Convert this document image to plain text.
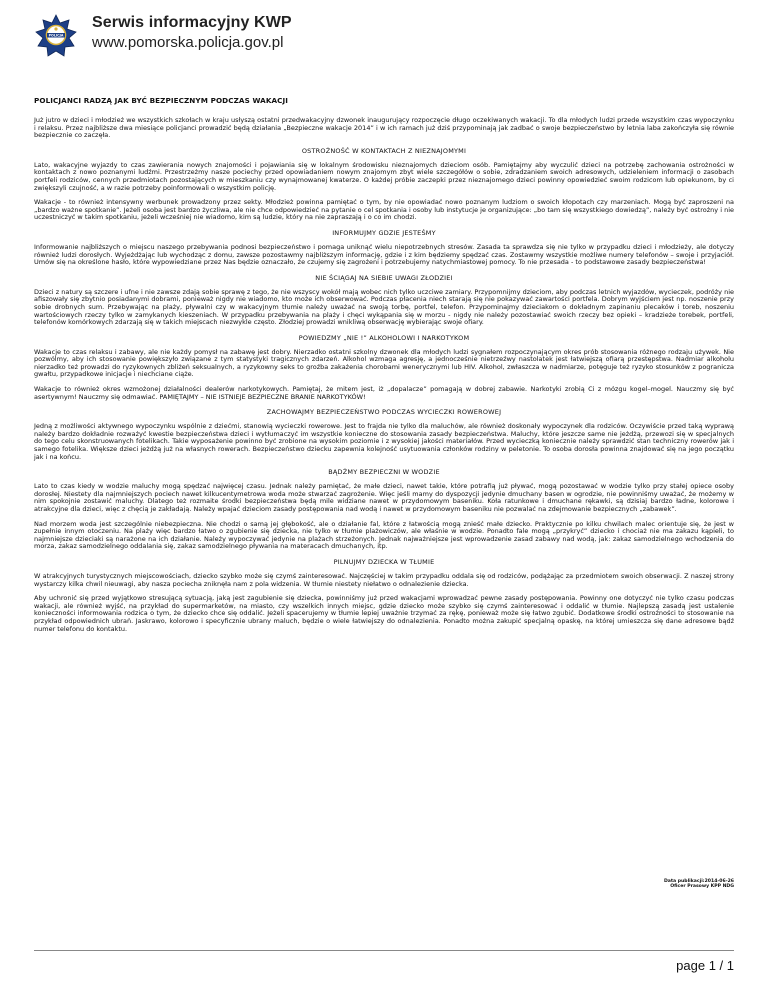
POLICJA
Serwis informacyjny KWP
www.pomorska.policja.gov.pl
POLICJANCI RADZĄ JAK BYĆ BEZPIECZNYM PODCZAS WAKACJI

Już jutro w dzieci i młodzież we wszystkich szkołach w kraju usłyszą ostatni przedwakacyjny dzwonek inaugurujący rozpoczęcie długo oczekiwanych wakacji. To dla młodych ludzi przede wszystkim czas wypoczynku i relaksu. Przez najbliższe dwa miesiące policjanci prowadzić będą działania „Bezpieczne wakacje 2014” i w ich ramach już dziś przypominają jak zadbać o swoje bezpieczeństwo by letnia laba zakończyła się równie bezpiecznie co zaczęła.

OSTROŻNOŚĆ W KONTAKTACH Z NIEZNAJOMYMI

Lato, wakacyjne wyjazdy to czas zawierania nowych znajomości i pojawiania się w lokalnym środowisku nieznajomych dzieciom osób. Pamiętajmy aby wyczulić dzieci na potrzebę zachowania ostrożności w kontaktach z nowo poznanymi ludźmi. Przestrzeżmy nasze pociechy przed opowiadaniem nowym znajomym zbyt wiele szczegółów o sobie, zdradzaniem swoich adresowych, udzieleniem informacji o zasobach portfeli rodziców, cennych przedmiotach pozostających w mieszkaniu czy wynajmowanej kwaterze. O każdej próbie zaczepki przez nieznajomego dzieci powinny opowiedzieć swoim rodzicom lub opiekunom, by ci zwiększyli czujność, a w razie potrzeby poinformowali o wszystkim policję.

Wakacje - to również intensywny werbunek prowadzony przez sekty. Młodzież powinna pamiętać o tym, by nie opowiadać nowo poznanym ludziom o swoich kłopotach czy marzeniach. Mogą być zaproszeni na „bardzo ważne spotkanie”. Jeżeli osoba jest bardzo życzliwa, ale nie chce odpowiedzieć na pytanie o cel spotkania i osoby lub instytucje je organizujące: „bo tam się wszystkiego dowiedzą”, należy być ostrożny i nie uczestniczyć w takim spotkaniu, jeżeli wcześniej nie wiadomo, kim są ludzie, który na nie zapraszają i o co im chodzi.

INFORMUJMY GDZIE JESTEŚMY

Informowanie najbliższych o miejscu naszego przebywania podnosi bezpieczeństwo i pomaga uniknąć wielu niepotrzebnych stresów. Zasada ta sprawdza się nie tylko w przypadku dzieci i młodzieży, ale dotyczy również ludzi dorosłych. Wyjeżdżając lub wychodząc z domu, zawsze pozostawmy najbliższym informację, gdzie i z kim będziemy spędzać czas. Zostawmy wszystkie możliwe numery telefonów – swoje i przyjaciół. Umów się na określone hasło, które wypowiedziane przez Nas będzie oznaczało, że czujemy się zagrożeni i potrzebujemy natychmiastowej pomocy. To nie przesada - to podstawowe zasady bezpieczeństwa!

NIE ŚCIĄGAJ NA SIEBIE UWAGI ZŁODZIEI

Dzieci z natury są szczere i ufne i nie zawsze zdają sobie sprawę z tego, że nie wszyscy wokół mają wobec nich tylko uczciwe zamiary. Przypomnijmy dzieciom, aby podczas letnich wyjazdów, wycieczek, podróży nie afiszowały się zbytnio posiadanymi dobrami, ponieważ nigdy nie wiadomo, kto może ich obserwować. Podczas płacenia niech starają się nie pokazywać zawartości portfela. Dobrym wyjściem jest np. noszenie przy sobie drobnych sum. Przebywając na plaży, pływalni czy w wakacyjnym tłumie należy uważać na swoją torbę, portfel, telefon. Przypominajmy dzieciakom o dokładnym zapinaniu plecaków i toreb, noszeniu wartościowych rzeczy tylko w zamykanych kieszeniach. W przypadku przebywania na plaży i chęci wykąpania się w morzu - nigdy nie należy pozostawiać swoich rzeczy bez opieki – kradzieże torebek, portfeli, telefonów komórkowych zdarzają się w takich miejscach niezwykle często. Złodziej prowadzi wnikliwą obserwację wybierając swoje ofiary.

POWIEDZMY „NIE !” ALKOHOLOWI I NARKOTYKOM

Wakacje to czas relaksu i zabawy, ale nie każdy pomysł na zabawę jest dobry. Nierzadko ostatni szkolny dzwonek dla młodych ludzi sygnałem rozpoczynającym okres prób stosowania różnego rodzaju używek. Nie pozwólmy, aby ich stosowanie powiększyło związane z tym statystyki tragicznych zdarzeń. Alkohol wzmaga agresję, a jednocześnie nietrzeźwy nastolatek jest łatwiejszą ofiarą przestępstwa. Nadmiar alkoholu nierzadko też prowadzi do ryzykownych zbliżeń seksualnych, a ryzykowny seks to groźba zakażenia chorobami wenerycznymi lub HIV. Alkohol, zwłaszcza w nadmiarze, potęguje też ryzyko stosunków z pogranicza gwałtu, przypadkowe inicjacje i niechciane ciąże.

Wakacje to również okres wzmożonej działalności dealerów narkotykowych. Pamiętaj, że mitem jest, iż „dopalacze” pomagają w dobrej zabawie. Narkotyki zrobią Ci z mózgu kogel–mogel. Nauczmy się być asertywnym! Nauczmy się odmawiać. PAMIĘTAJMY – NIE ISTNIEJE BEZPIECZNE BRANIE NARKOTYKÓW!

ZACHOWAJMY BEZPIECZEŃSTWO PODCZAS WYCIECZKI ROWEROWEJ

Jedną z możliwości aktywnego wypoczynku wspólnie z dziećmi, stanowią wycieczki rowerowe. Jest to frajda nie tylko dla maluchów, ale również doskonały wypoczynek dla rodziców. Oczywiście przed taką wyprawą należy bardzo dokładnie rozważyć kwestie bezpieczeństwa dzieci i wytłumaczyć im wszystkie konieczne do stosowania zasady bezpieczeństwa. Maluchy, które jeszcze same nie jeżdżą, przewozi się w specjalnych do tego celu skonstruowanych fotelikach. Takie wyposażenie powinno być zrobione na wysokim poziomie i z wysokiej jakości materiałów. Przed wycieczką koniecznie należy sprawdzić stan techniczny rowerów jak i samego fotelika. Większe dzieci jeżdżą już na własnych rowerach. Bezpieczeństwo dziecku zapewnia kolejność usytuowania członków rodziny w peletonie. To osoba dorosła powinna znajdować się na jego początku jak i na końcu.

BĄDŹMY BEZPIECZNI W WODZIE

Lato to czas kiedy w wodzie maluchy mogą spędzać najwięcej czasu. Jednak należy pamiętać, że małe dzieci, nawet takie, które potrafią już pływać, mogą pozostawać w wodzie tylko przy stałej opiece osoby dorosłej. Niestety dla najmniejszych pociech nawet kilkucentymetrowa woda może stwarzać zagrożenie. Więc jeśli mamy do dyspozycji jedynie dmuchany basen w ogrodzie, nie powinniśmy uważać, że możemy w nim spokojnie zostawić maluchy. Dlatego też rozmaite środki bezpieczeństwa będą mile widziane nawet w przydomowym baseniku. Koła ratunkowe i dmuchane rękawki, są dzisiaj bardzo ładne, kolorowe i atrakcyjne dla dzieci, więc z chęcią je zakładają. Należy wpajać dzieciom zasady postępowania nad wodą i nawet w przydomowym baseniku nie pozwalać na zdejmowanie bezpiecznych „zabawek”.

Nad morzem woda jest szczególnie niebezpieczna. Nie chodzi o samą jej głębokość, ale o działanie fal, które z łatwością mogą znieść małe dziecko. Praktycznie po kilku chwilach malec orientuje się, że jest w zupełnie innym otoczeniu. Na plaży więc bardzo łatwo o zgubienie się dziecka, nie tylko w tłumie plażowiczów, ale właśnie w wodzie. Ponadto fale mogą „przykryć” dziecko i chociaż nie ma zakazu kąpieli, to najmniejsze dzieciaki są narażone na ich działanie. Należy wypoczywać jedynie na plażach strzeżonych. Jednak najważniejsze jest wprowadzenie zasad zabawy nad wodą, jak: zakaz samodzielnego wchodzenia do morza, zakaz samodzielnego oddalania się, zakaz samodzielnego pływania na materacach dmuchanych, itp.

PILNUJMY DZIECKA W TŁUMIE

W atrakcyjnych turystycznych miejscowościach, dziecko szybko może się czymś zainteresować. Najczęściej w takim przypadku oddala się od rodziców, podążając za przedmiotem swoich obserwacji. Z naszej strony wystarczy kilka chwil nieuwagi, aby nasza pociecha zniknęła nam z pola widzenia. W tłumie niestety niełatwo o odnalezienie dziecka.

Aby uchronić się przed wyjątkowo stresującą sytuacją, jaką jest zagubienie się dziecka, powinniśmy już przed wakacjami wprowadzać pewne zasady postępowania. Powinny one dotyczyć nie tylko czasu podczas wakacji, ale również wyjść, na przykład do supermarketów, na miasto, czy wszelkich innych miejsc, gdzie dziecko może szybko się czymś zainteresować i oddalić w tłumie. Najlepszą zasadą jest ustalenie konieczności informowania rodzica o tym, że dziecko chce się oddalić. Jeżeli spacerujemy w tłumie lepiej uważnie trzymać za rękę, ponieważ może się łatwo zgubić. Dodatkowe środki ostrożności to stosowanie na przykład odpowiednich ubrań. Jaskrawo, kolorowo i specyficznie ubrany maluch, będzie o wiele łatwiejszy do odnalezienia. Ponadto można zakupić specjalną opaskę, na której umieszcza się dane adresowe bądź numer telefonu do kontaktu.

Data publikacji:2014-06-26
Oficer Prasowy KPP NDG
page 1 / 1
